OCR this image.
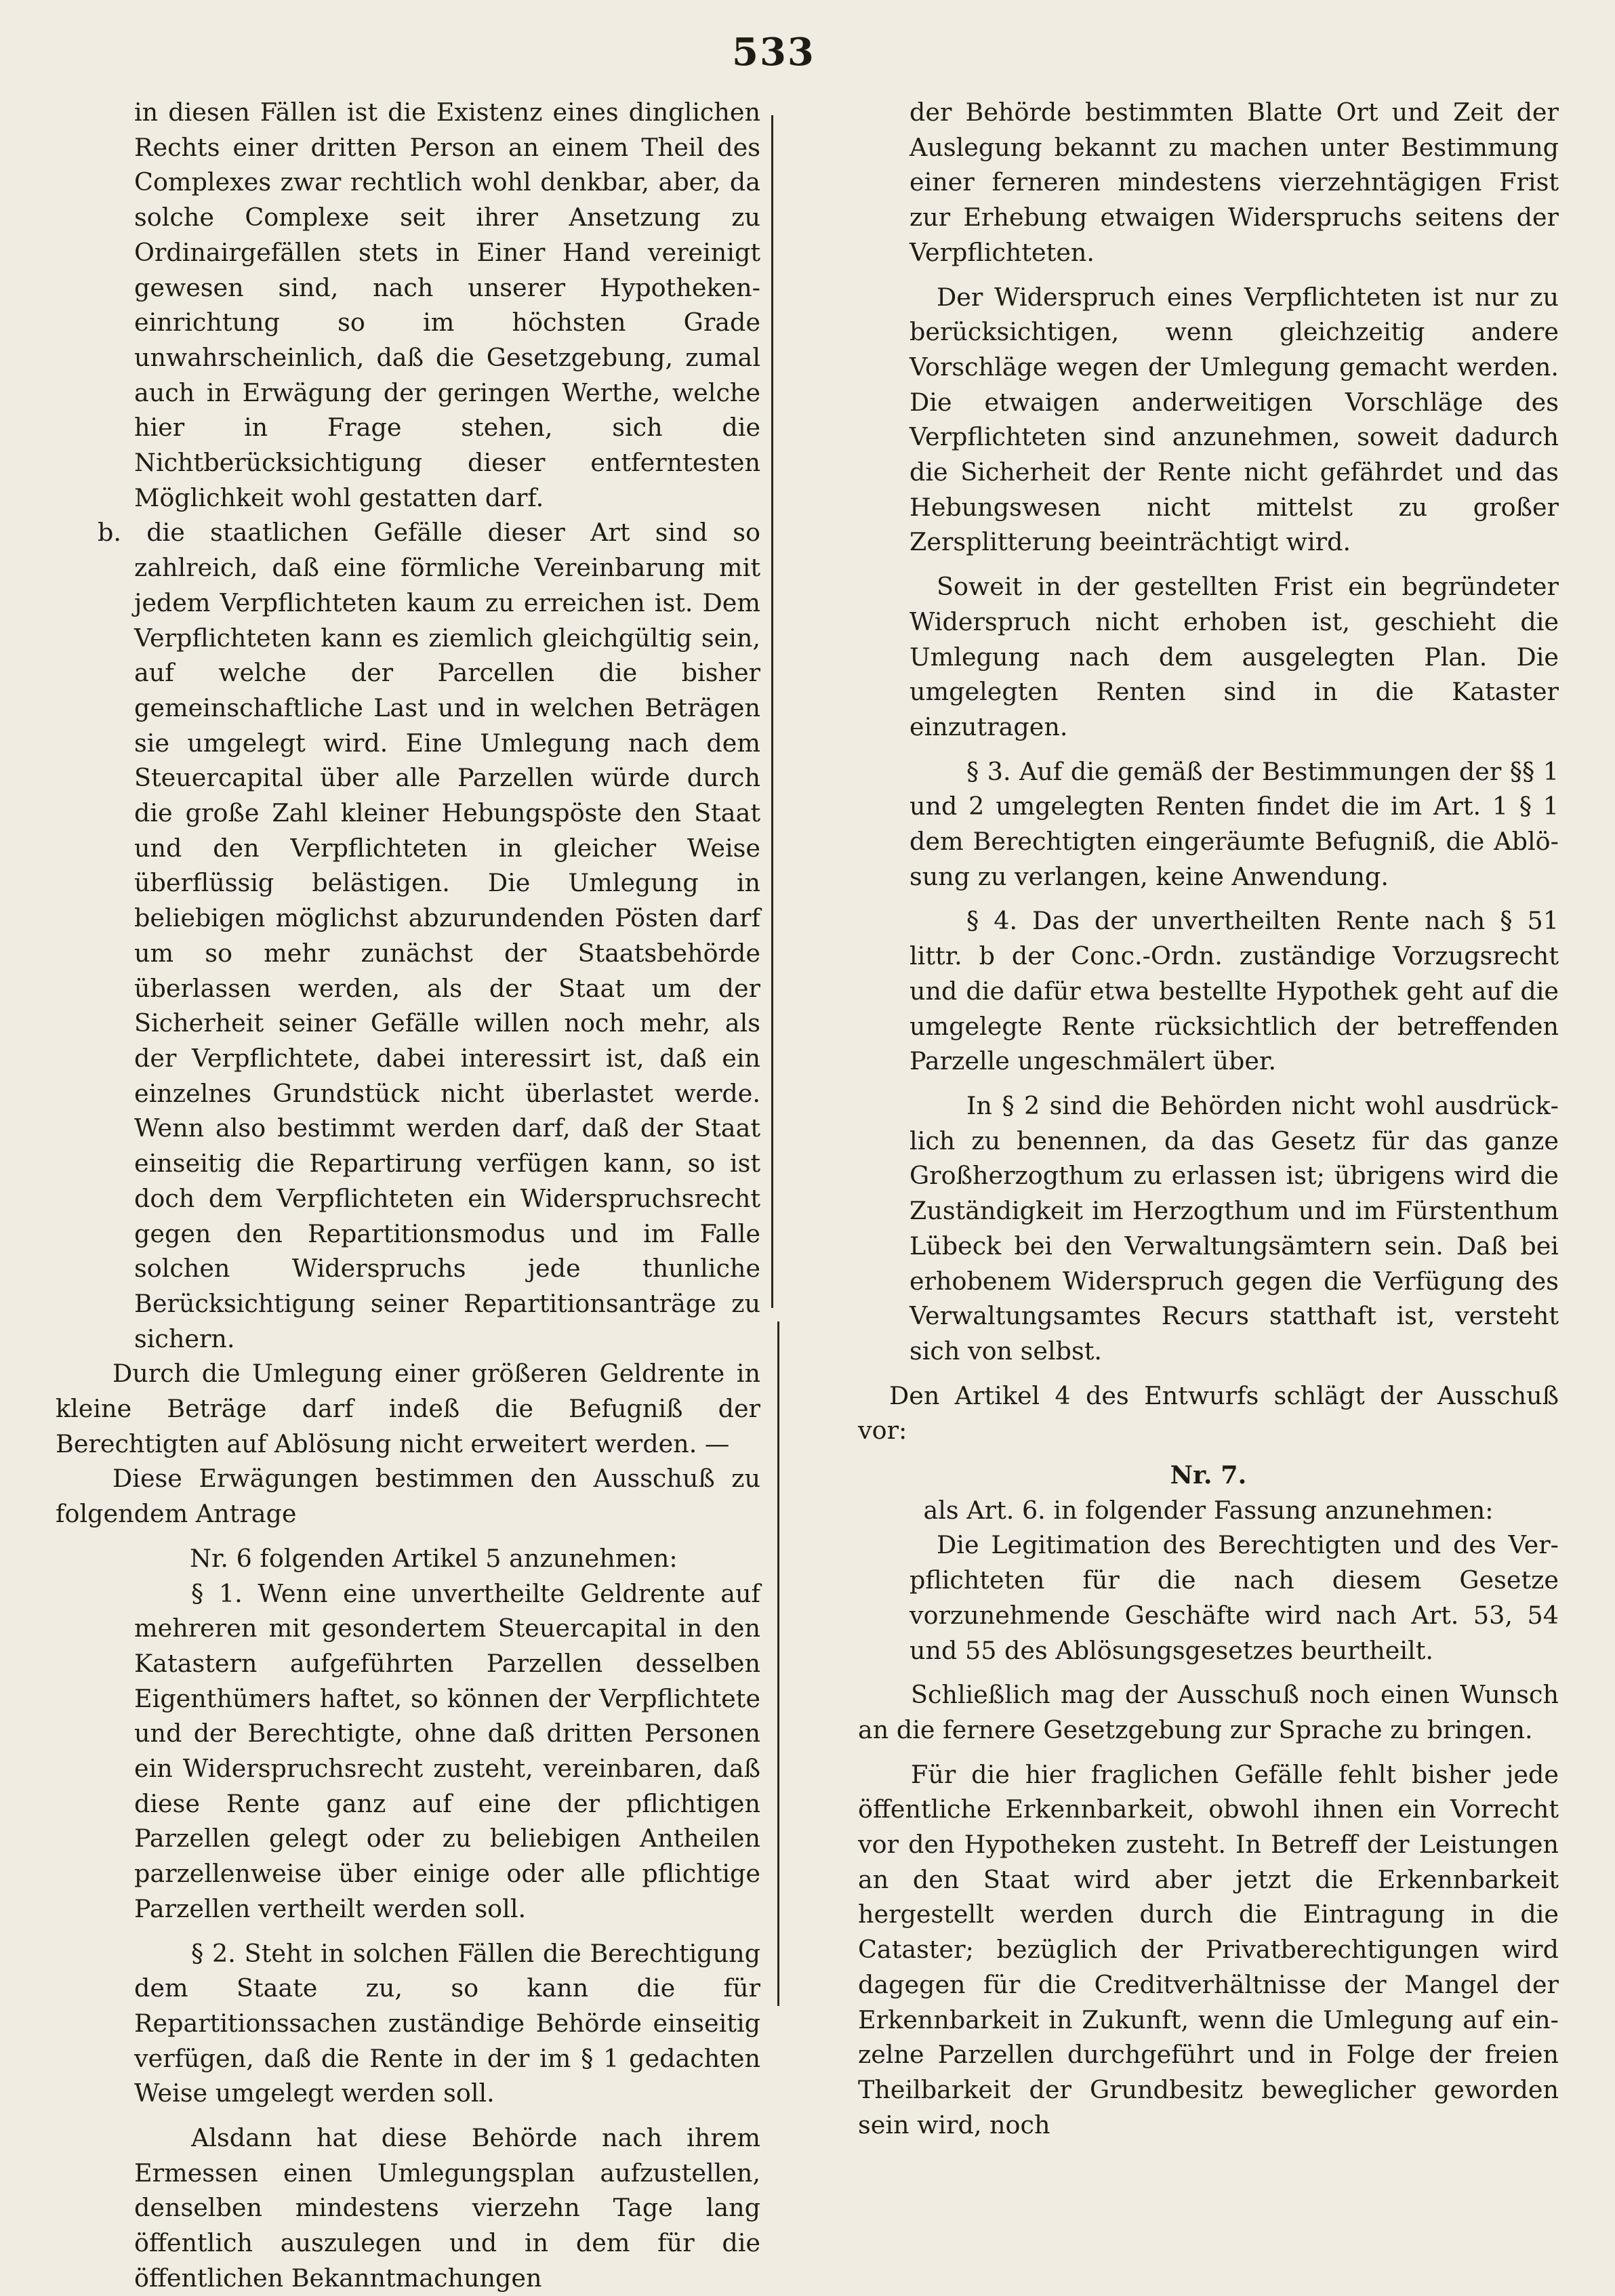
533

in diesen Fällen ist die Existenz eines dinglichen Rechts einer dritten Person an einem Theil des Complexes zwar rechtlich wohl denkbar, aber, da solche Complexe seit ihrer Ansetzung zu Ordinairgefällen stets in Einer Hand vereinigt gewesen sind, nach unserer Hypothekeneinrichtung so im höchsten Grade unwahrscheinlich, daß die Gesetzgebung, zumal auch in Erwägung der geringen Werthe, welche hier in Frage stehen, sich die Nichtberücksichtigung dieser entferntesten Möglichkeit wohl gestatten darf.

b. die staatlichen Gefälle dieser Art sind so zahlreich, daß eine förmliche Vereinbarung mit jedem Verpflichteten kaum zu erreichen ist. Dem Verpflichteten kann es ziemlich gleichgültig sein, auf welche der Parcellen die bisher gemeinschaftliche Last und in welchen Beträgen sie umgelegt wird. Eine Umlegung nach dem Steuercapital über alle Parzellen würde durch die große Zahl kleiner Hebungspöste den Staat und den Verpflichteten in gleicher Weise überflüssig belästigen. Die Umlegung in beliebigen möglichst abzurundenden Pösten darf um so mehr zunächst der Staatsbehörde überlassen werden, als der Staat um der Sicherheit seiner Gefälle willen noch mehr, als der Verpflichtete, dabei interessirt ist, daß ein einzelnes Grundstück nicht überlastet werde. Wenn also bestimmt werden darf, daß der Staat einseitig die Repartirung verfügen kann, so ist doch dem Verpflichteten ein Widerspruchsrecht gegen den Repartitionsmodus und im Falle solchen Widerspruchs jede thunliche Berücksichtigung seiner Repartitionsanträge zu sichern.

Durch die Umlegung einer größeren Geldrente in kleine Beträge darf indeß die Befugniß der Berechtigten auf Ablösung nicht erweitert werden. —

Diese Erwägungen bestimmen den Ausschuß zu folgendem Antrage

Nr. 6 folgenden Artikel 5 anzunehmen:

§ 1. Wenn eine unvertheilte Geldrente auf mehreren mit gesondertem Steuercapital in den Katastern aufgeführten Parzellen desselben Eigenthümers haftet, so können der Verpflichtete und der Berechtigte, ohne daß dritten Personen ein Widerspruchsrecht zusteht, vereinbaren, daß diese Rente ganz auf eine der pflichtigen Parzellen gelegt oder zu beliebigen Antheilen parzellenweise über einige oder alle pflichtige Parzellen vertheilt werden soll.

§ 2. Steht in solchen Fällen die Berechtigung dem Staate zu, so kann die für Repartitionssachen zuständige Behörde einseitig verfügen, daß die Rente in der im § 1 gedachten Weise umgelegt werden soll.

Alsdann hat diese Behörde nach ihrem Ermessen einen Umlegungsplan aufzustellen, denselben mindestens vierzehn Tage lang öffentlich auszulegen und in dem für die öffentlichen Bekanntmachungen

der Behörde bestimmten Blatte Ort und Zeit der Auslegung bekannt zu machen unter Bestimmung einer ferneren mindestens vierzehntägigen Frist zur Erhebung etwaigen Widerspruchs seitens der Verpflichteten.

Der Widerspruch eines Verpflichteten ist nur zu berücksichtigen, wenn gleichzeitig andere Vorschläge wegen der Umlegung gemacht werden. Die etwaigen anderweitigen Vorschläge des Verpflichteten sind anzunehmen, soweit dadurch die Sicherheit der Rente nicht gefährdet und das Hebungswesen nicht mittelst zu großer Zersplitterung beeinträchtigt wird.

Soweit in der gestellten Frist ein begründeter Widerspruch nicht erhoben ist, geschieht die Umlegung nach dem ausgelegten Plan. Die umgelegten Renten sind in die Kataster einzutragen.

§ 3. Auf die gemäß der Bestimmungen der §§ 1 und 2 umgelegten Renten findet die im Art. 1 § 1 dem Berechtigten eingeräumte Befugniß, die Ablösung zu verlangen, keine Anwendung.

§ 4. Das der unvertheilten Rente nach § 51 littr. b der Conc.-Ordn. zuständige Vorzugsrecht und die dafür etwa bestellte Hypothek geht auf die umgelegte Rente rücksichtlich der betreffenden Parzelle ungeschmälert über.

In § 2 sind die Behörden nicht wohl ausdrücklich zu benennen, da das Gesetz für das ganze Großherzogthum zu erlassen ist; übrigens wird die Zuständigkeit im Herzogthum und im Fürstenthum Lübeck bei den Verwaltungsämtern sein. Daß bei erhobenem Widerspruch gegen die Verfügung des Verwaltungsamtes Recurs statthaft ist, versteht sich von selbst.

Den Artikel 4 des Entwurfs schlägt der Ausschuß vor:

Nr. 7.

als Art. 6. in folgender Fassung anzunehmen:

Die Legitimation des Berechtigten und des Verpflichteten für die nach diesem Gesetze vorzunehmende Geschäfte wird nach Art. 53, 54 und 55 des Ablösungsgesetzes beurtheilt.

Schließlich mag der Ausschuß noch einen Wunsch an die fernere Gesetzgebung zur Sprache zu bringen.

Für die hier fraglichen Gefälle fehlt bisher jede öffentliche Erkennbarkeit, obwohl ihnen ein Vorrecht vor den Hypotheken zusteht. In Betreff der Leistungen an den Staat wird aber jetzt die Erkennbarkeit hergestellt werden durch die Eintragung in die Cataster; bezüglich der Privatberechtigungen wird dagegen für die Creditverhältnisse der Mangel der Erkennbarkeit in Zukunft, wenn die Umlegung auf einzelne Parzellen durchgeführt und in Folge der freien Theilbarkeit der Grundbesitz beweglicher geworden sein wird, noch
